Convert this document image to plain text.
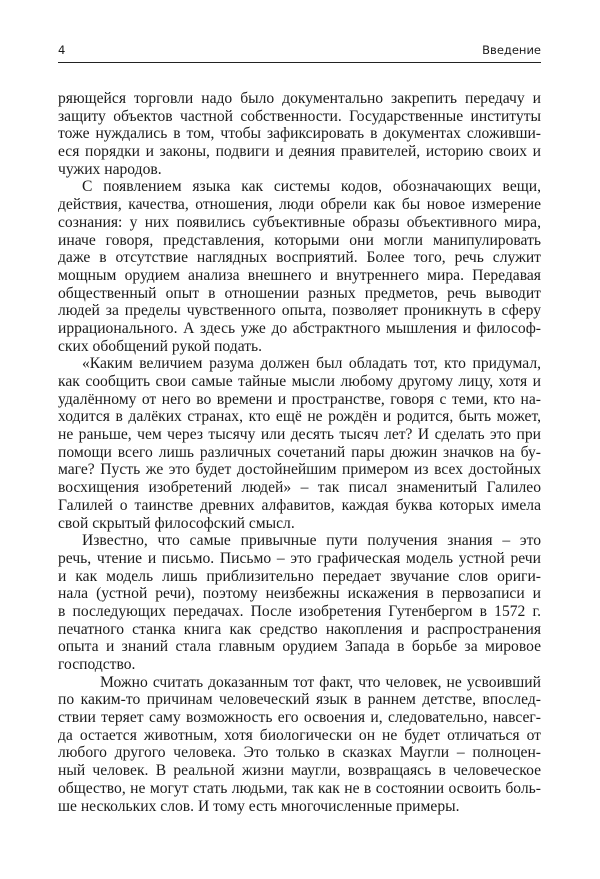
4	Введение
ряющейся торговли надо было документально закрепить передачу и
защиту объектов частной собственности. Государственные институты
тоже нуждались в том, чтобы зафиксировать в документах сложивши-
еся порядки и законы, подвиги и деяния правителей, историю своих и
чужих народов.
С появлением языка как системы кодов, обозначающих вещи,
действия, качества, отношения, люди обрели как бы новое измерение
сознания: у них появились субъективные образы объективного мира,
иначе говоря, представления, которыми они могли манипулировать
даже в отсутствие наглядных восприятий. Более того, речь служит
мощным орудием анализа внешнего и внутреннего мира. Передавая
общественный опыт в отношении разных предметов, речь выводит
людей за пределы чувственного опыта, позволяет проникнуть в сферу
иррационального. А здесь уже до абстрактного мышления и философ-
ских обобщений рукой подать.
«Каким величием разума должен был обладать тот, кто придумал,
как сообщить свои самые тайные мысли любому другому лицу, хотя и
удалённому от него во времени и пространстве, говоря с теми, кто на-
ходится в далёких странах, кто ещё не рождён и родится, быть может,
не раньше, чем через тысячу или десять тысяч лет? И сделать это при
помощи всего лишь различных сочетаний пары дюжин значков на бу-
маге? Пусть же это будет достойнейшим примером из всех достойных
восхищения изобретений людей» – так писал знаменитый Галилео
Галилей о таинстве древних алфавитов, каждая буква которых имела
свой скрытый философский смысл.
Известно, что самые привычные пути получения знания – это
речь, чтение и письмо. Письмо – это графическая модель устной речи
и как модель лишь приблизительно передает звучание слов ориги-
нала (устной речи), поэтому неизбежны искажения в первозаписи и
в последующих передачах. После изобретения Гутенбергом в 1572 г.
печатного станка книга как средство накопления и распространения
опыта и знаний стала главным орудием Запада в борьбе за мировое
господство.
Можно считать доказанным тот факт, что человек, не усвоивший
по каким-то причинам человеческий язык в раннем детстве, впослед-
ствии теряет саму возможность его освоения и, следовательно, навсег-
да остается животным, хотя биологически он не будет отличаться от
любого другого человека. Это только в сказках Маугли – полноцен-
ный человек. В реальной жизни маугли, возвращаясь в человеческое
общество, не могут стать людьми, так как не в состоянии освоить боль-
ше нескольких слов. И тому есть многочисленные примеры.
